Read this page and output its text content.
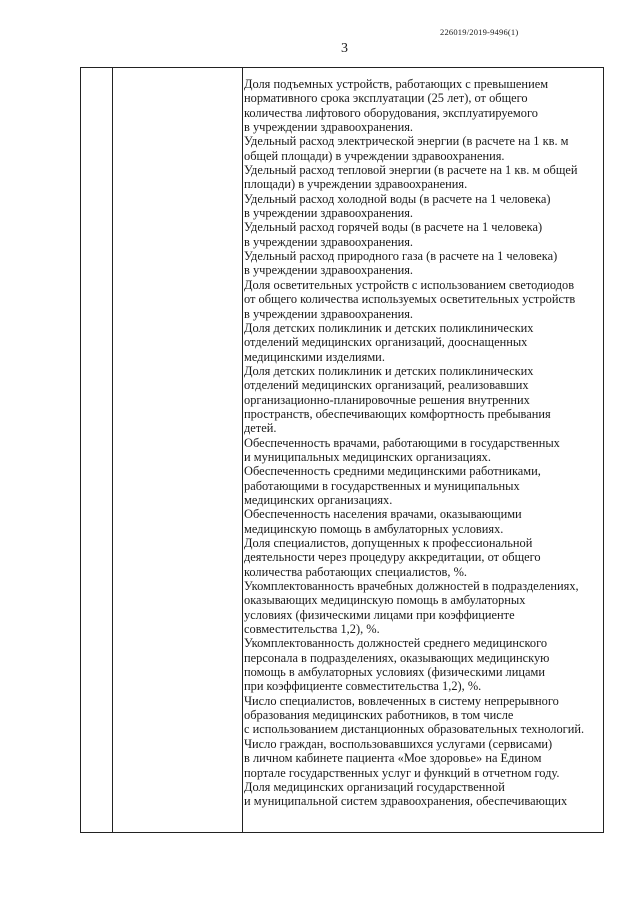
226019/2019-9496(1)
3
Доля подъемных устройств, работающих с превышением
нормативного срока эксплуатации (25 лет), от общего
количества лифтового оборудования, эксплуатируемого
в учреждении здравоохранения.
Удельный расход электрической энергии (в расчете на 1 кв. м
общей площади) в учреждении здравоохранения.
Удельный расход тепловой энергии (в расчете на 1 кв. м общей
площади) в учреждении здравоохранения.
Удельный расход холодной воды (в расчете на 1 человека)
в учреждении здравоохранения.
Удельный расход горячей воды (в расчете на 1 человека)
в учреждении здравоохранения.
Удельный расход природного газа (в расчете на 1 человека)
в учреждении здравоохранения.
Доля осветительных устройств с использованием светодиодов
от общего количества используемых осветительных устройств
в учреждении здравоохранения.
Доля детских поликлиник и детских поликлинических
отделений медицинских организаций, дооснащенных
медицинскими изделиями.
Доля детских поликлиник и детских поликлинических
отделений медицинских организаций, реализовавших
организационно-планировочные решения внутренних
пространств, обеспечивающих комфортность пребывания
детей.
Обеспеченность врачами, работающими в государственных
и муниципальных медицинских организациях.
Обеспеченность средними медицинскими работниками,
работающими в государственных и муниципальных
медицинских организациях.
Обеспеченность населения врачами, оказывающими
медицинскую помощь в амбулаторных условиях.
Доля специалистов, допущенных к профессиональной
деятельности через процедуру аккредитации, от общего
количества работающих специалистов, %.
Укомплектованность врачебных должностей в подразделениях,
оказывающих медицинскую помощь в амбулаторных
условиях (физическими лицами при коэффициенте
совместительства 1,2), %.
Укомплектованность должностей среднего медицинского
персонала в подразделениях, оказывающих медицинскую
помощь в амбулаторных условиях (физическими лицами
при коэффициенте совместительства 1,2), %.
Число специалистов, вовлеченных в систему непрерывного
образования медицинских работников, в том числе
с использованием дистанционных образовательных технологий.
Число граждан, воспользовавшихся услугами (сервисами)
в личном кабинете пациента «Мое здоровье» на Едином
портале государственных услуг и функций в отчетном году.
Доля медицинских организаций государственной
и муниципальной систем здравоохранения, обеспечивающих
